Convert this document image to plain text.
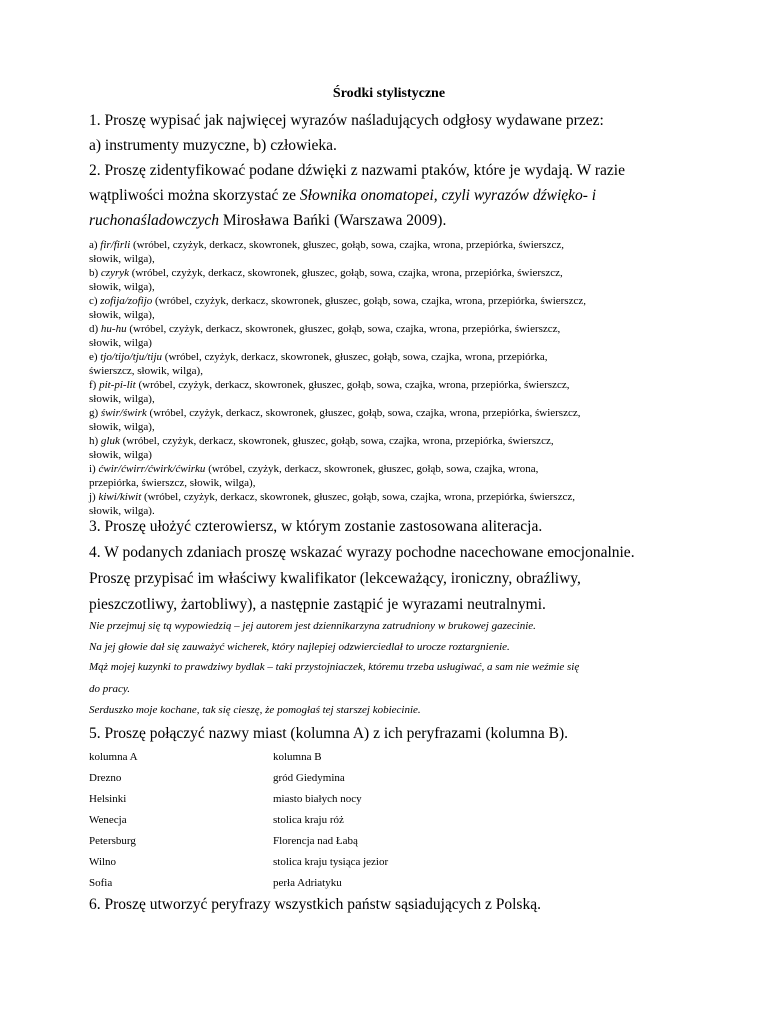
Środki stylistyczne
1. Proszę wypisać jak najwięcej wyrazów naśladujących odgłosy wydawane przez:
a) instrumenty muzyczne, b) człowieka.
2. Proszę zidentyfikować podane dźwięki z nazwami ptaków, które je wydają. W razie
wątpliwości można skorzystać ze Słownika onomatopei, czyli wyrazów dźwięko- i
ruchonaśladowczych Mirosława Bańki (Warszawa 2009).
a) fir/firli (wróbel, czyżyk, derkacz, skowronek, głuszec, gołąb, sowa, czajka, wrona, przepiórka, świerszcz,
słowik, wilga),
b) czyryk (wróbel, czyżyk, derkacz, skowronek, głuszec, gołąb, sowa, czajka, wrona, przepiórka, świerszcz,
słowik, wilga),
c) zofija/zofijo (wróbel, czyżyk, derkacz, skowronek, głuszec, gołąb, sowa, czajka, wrona, przepiórka, świerszcz,
słowik, wilga),
d) hu-hu (wróbel, czyżyk, derkacz, skowronek, głuszec, gołąb, sowa, czajka, wrona, przepiórka, świerszcz,
słowik, wilga)
e) tjo/tijo/tju/tiju (wróbel, czyżyk, derkacz, skowronek, głuszec, gołąb, sowa, czajka, wrona, przepiórka,
świerszcz, słowik, wilga),
f) pit-pi-lit (wróbel, czyżyk, derkacz, skowronek, głuszec, gołąb, sowa, czajka, wrona, przepiórka, świerszcz,
słowik, wilga),
g) świr/świrk (wróbel, czyżyk, derkacz, skowronek, głuszec, gołąb, sowa, czajka, wrona, przepiórka, świerszcz,
słowik, wilga),
h) gluk (wróbel, czyżyk, derkacz, skowronek, głuszec, gołąb, sowa, czajka, wrona, przepiórka, świerszcz,
słowik, wilga)
i) ćwir/ćwirr/ćwirk/ćwirku (wróbel, czyżyk, derkacz, skowronek, głuszec, gołąb, sowa, czajka, wrona,
przepiórka, świerszcz, słowik, wilga),
j) kiwi/kiwit (wróbel, czyżyk, derkacz, skowronek, głuszec, gołąb, sowa, czajka, wrona, przepiórka, świerszcz,
słowik, wilga).
3. Proszę ułożyć czterowiersz, w którym zostanie zastosowana aliteracja.
4. W podanych zdaniach proszę wskazać wyrazy pochodne nacechowane emocjonalnie.
Proszę przypisać im właściwy kwalifikator (lekceważący, ironiczny, obraźliwy,
pieszczotliwy, żartobliwy), a następnie zastąpić je wyrazami neutralnymi.
Nie przejmuj się tą wypowiedzią – jej autorem jest dziennikarzyna zatrudniony w brukowej gazecinie.
Na jej głowie dał się zauważyć wicherek, który najlepiej odzwierciedlał to urocze roztargnienie.
Mąż mojej kuzynki to prawdziwy bydlak – taki przystojniaczek, któremu trzeba usługiwać, a sam nie weźmie się
do pracy.
Serduszko moje kochane, tak się cieszę, że pomogłaś tej starszej kobiecinie.
5. Proszę połączyć nazwy miast (kolumna A) z ich peryfrazami (kolumna B).
kolumna A	kolumna B
Drezno	gród Giedymina
Helsinki	miasto białych nocy
Wenecja	stolica kraju róż
Petersburg	Florencja nad Łabą
Wilno	stolica kraju tysiąca jezior
Sofia	perła Adriatyku
6. Proszę utworzyć peryfrazy wszystkich państw sąsiadujących z Polską.
